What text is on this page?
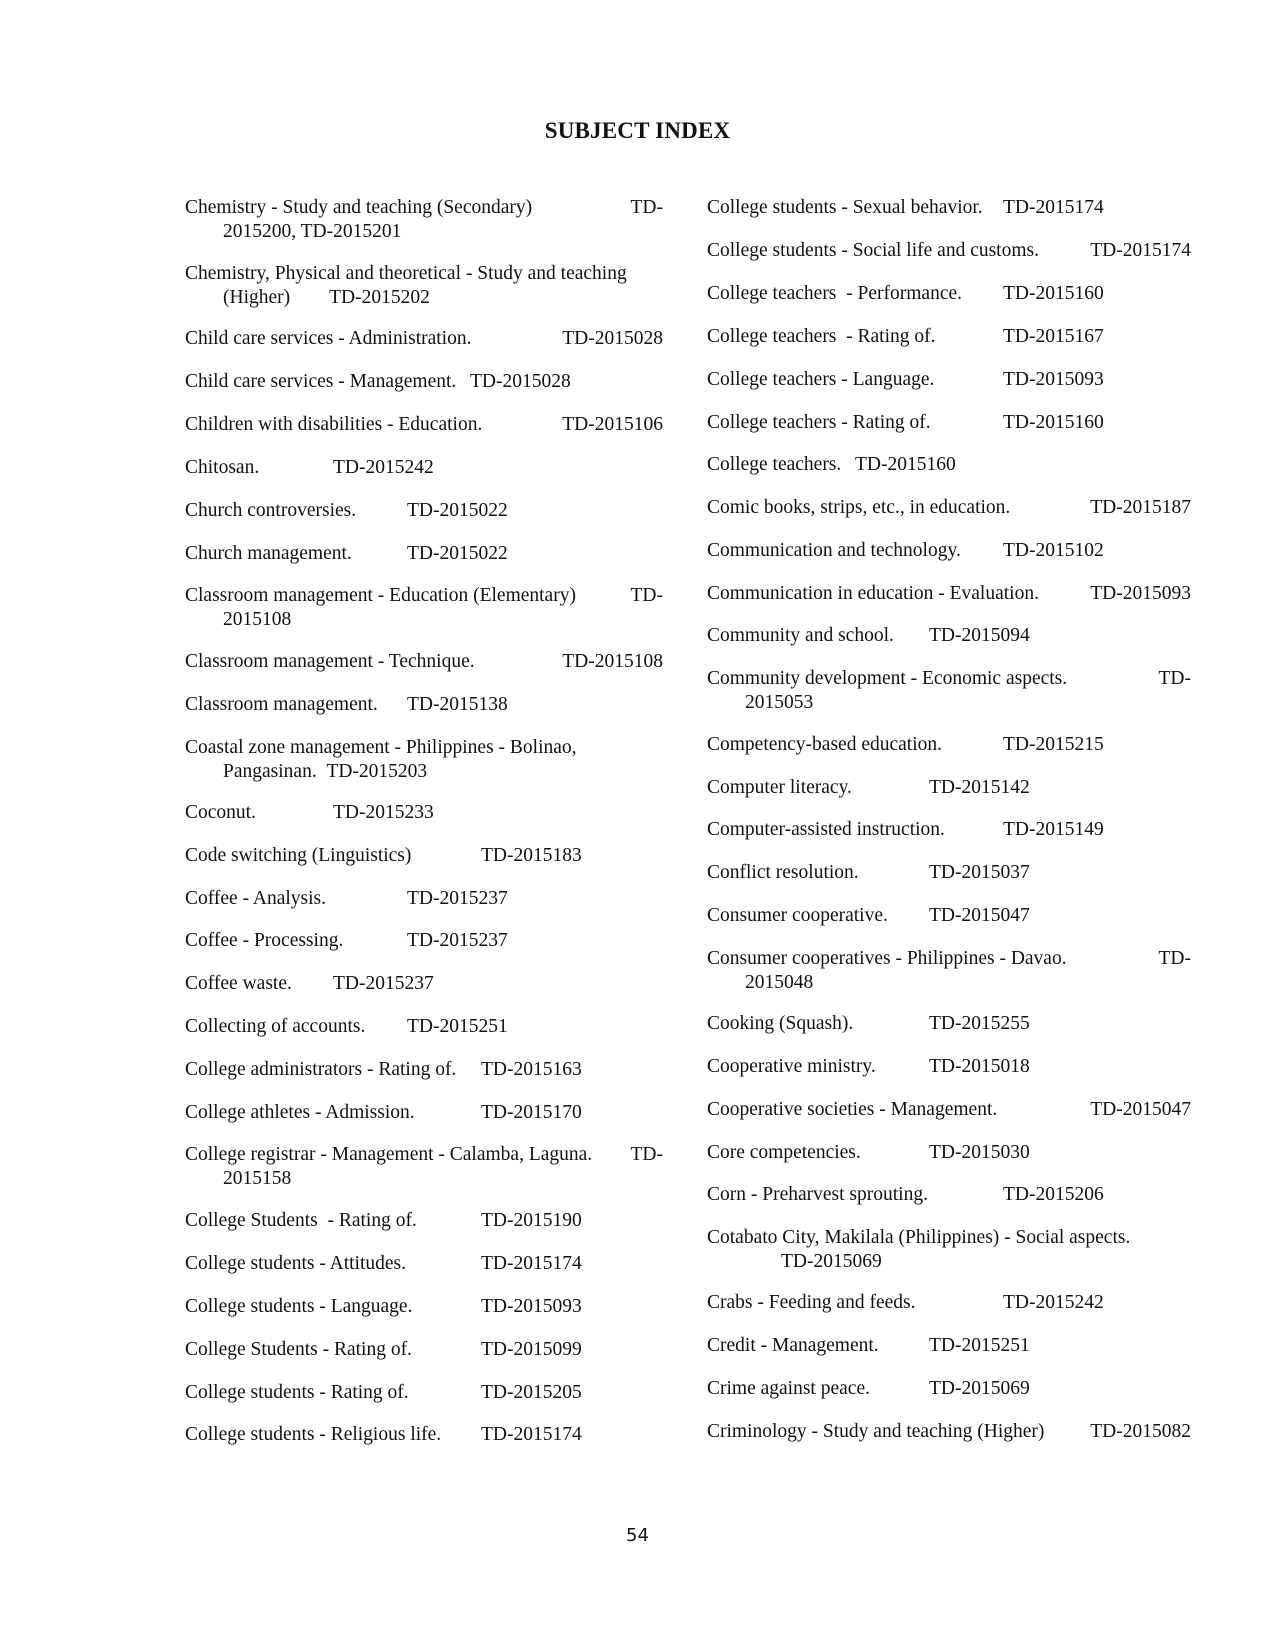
SUBJECT INDEX
Chemistry - Study and teaching (Secondary)	TD-
2015200, TD-2015201
Chemistry, Physical and theoretical - Study and teaching
(Higher)  TD-2015202
Child care services - Administration.	TD-2015028
Child care services - Management. TD-2015028
Children with disabilities - Education.	TD-2015106
Chitosan.	TD-2015242
Church controversies.	TD-2015022
Church management.	TD-2015022
Classroom management - Education (Elementary)	TD-
2015108
Classroom management - Technique.	TD-2015108
Classroom management. TD-2015138
Coastal zone management - Philippines - Bolinao,
Pangasinan. TD-2015203
Coconut.	TD-2015233
Code switching (Linguistics)	TD-2015183
Coffee - Analysis.	TD-2015237
Coffee - Processing.	TD-2015237
Coffee waste. TD-2015237
Collecting of accounts. TD-2015251
College administrators - Rating of. TD-2015163
College athletes - Admission.	TD-2015170
College registrar - Management - Calamba, Laguna. TD-
2015158
College Students - Rating of.	TD-2015190
College students - Attitudes.	TD-2015174
College students - Language.	TD-2015093
College Students - Rating of.	TD-2015099
College students - Rating of.	TD-2015205
College students - Religious life. TD-2015174
College students - Sexual behavior. TD-2015174
College students - Social life and customs.	TD-2015174
College teachers - Performance. TD-2015160
College teachers - Rating of.	TD-2015167
College teachers - Language.	TD-2015093
College teachers - Rating of.	TD-2015160
College teachers. TD-2015160
Comic books, strips, etc., in education.	TD-2015187
Communication and technology. TD-2015102
Communication in education - Evaluation.	TD-2015093
Community and school. TD-2015094
Community development - Economic aspects.	TD-
2015053
Competency-based education.	TD-2015215
Computer literacy.	TD-2015142
Computer-assisted instruction.	TD-2015149
Conflict resolution.	TD-2015037
Consumer cooperative. TD-2015047
Consumer cooperatives - Philippines - Davao.	TD-
2015048
Cooking (Squash).	TD-2015255
Cooperative ministry.	TD-2015018
Cooperative societies - Management.	TD-2015047
Core competencies.	TD-2015030
Corn - Preharvest sprouting.	TD-2015206
Cotabato City, Makilala (Philippines) - Social aspects.
TD-2015069
Crabs - Feeding and feeds.	TD-2015242
Credit - Management.	TD-2015251
Crime against peace.	TD-2015069
Criminology - Study and teaching (Higher) TD-2015082
54
